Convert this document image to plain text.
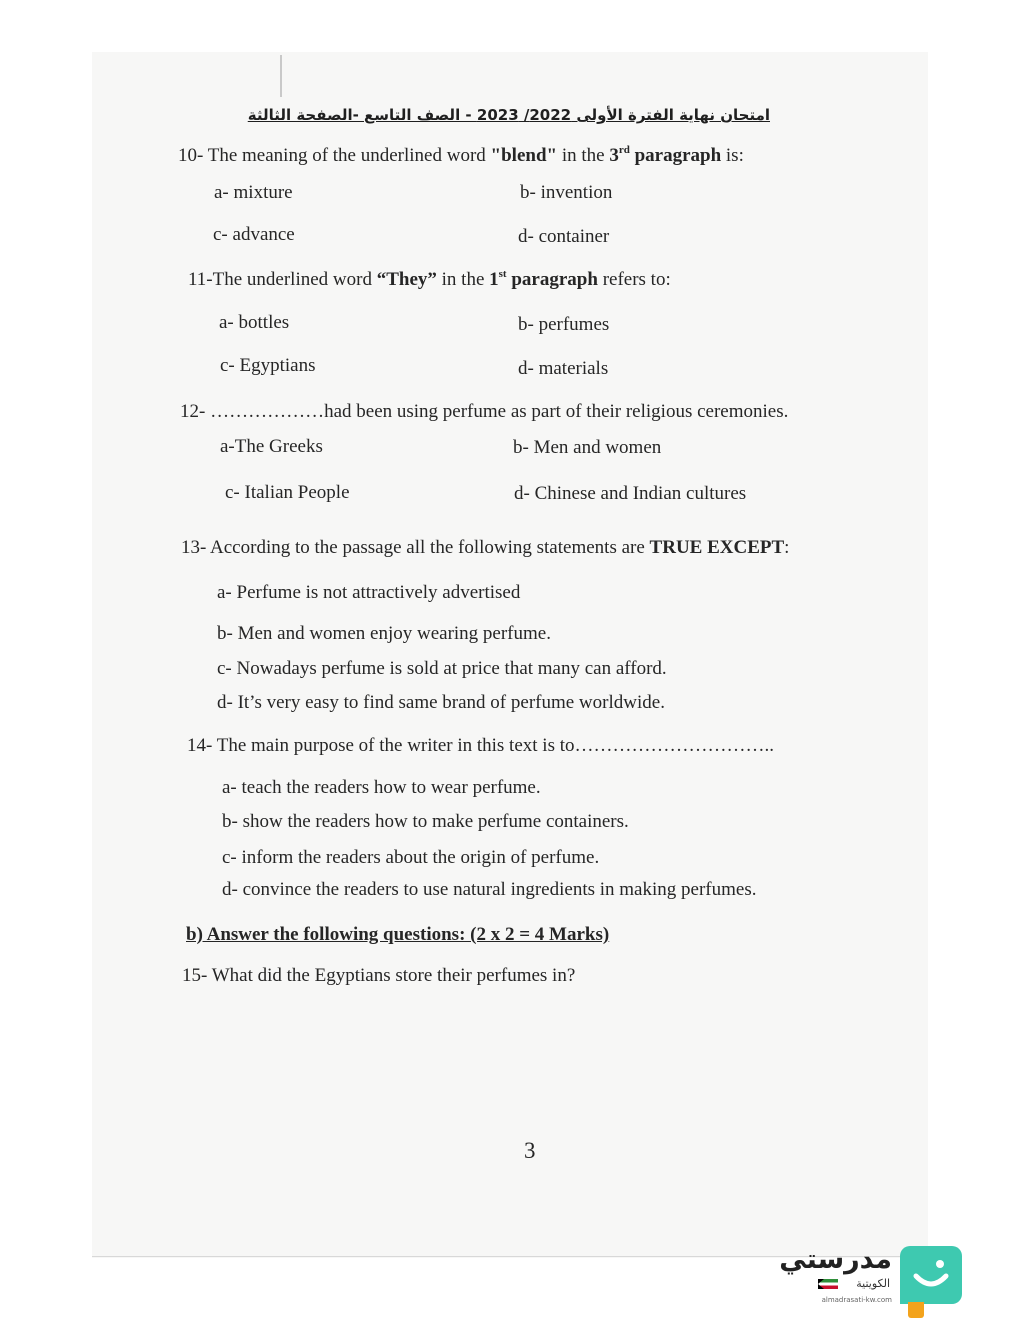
امتحان نهاية الفترة الأولى 2022/ 2023 - الصف التاسع -الصفحة الثالثة
10- The meaning of the underlined word "blend" in the 3rd paragraph is:
a- mixture	b- invention
c- advance	d- container
11-The underlined word “They” in the 1st paragraph refers to:
a- bottles	b- perfumes
c- Egyptians	d- materials
12- ………………had been using perfume as part of their religious ceremonies.
a-The Greeks	b- Men and women
c- Italian People	d- Chinese and Indian cultures
13- According to the passage all the following statements are TRUE EXCEPT:
a- Perfume is not attractively advertised
b- Men and women enjoy wearing perfume.
c- Nowadays perfume is sold at price that many can afford.
d- It’s very easy to find same brand of perfume worldwide.
14- The main purpose of the writer in this text is to…………………………..
a- teach the readers how to wear perfume.
b- show the readers how to make perfume containers.
c- inform the readers about the origin of perfume.
d- convince the readers to use natural ingredients in making perfumes.
b) Answer the following questions: (2 x 2 = 4 Marks)
15- What did the Egyptians store their perfumes in?
3
مدرستي
الكويتية
almadrasati-kw.com
